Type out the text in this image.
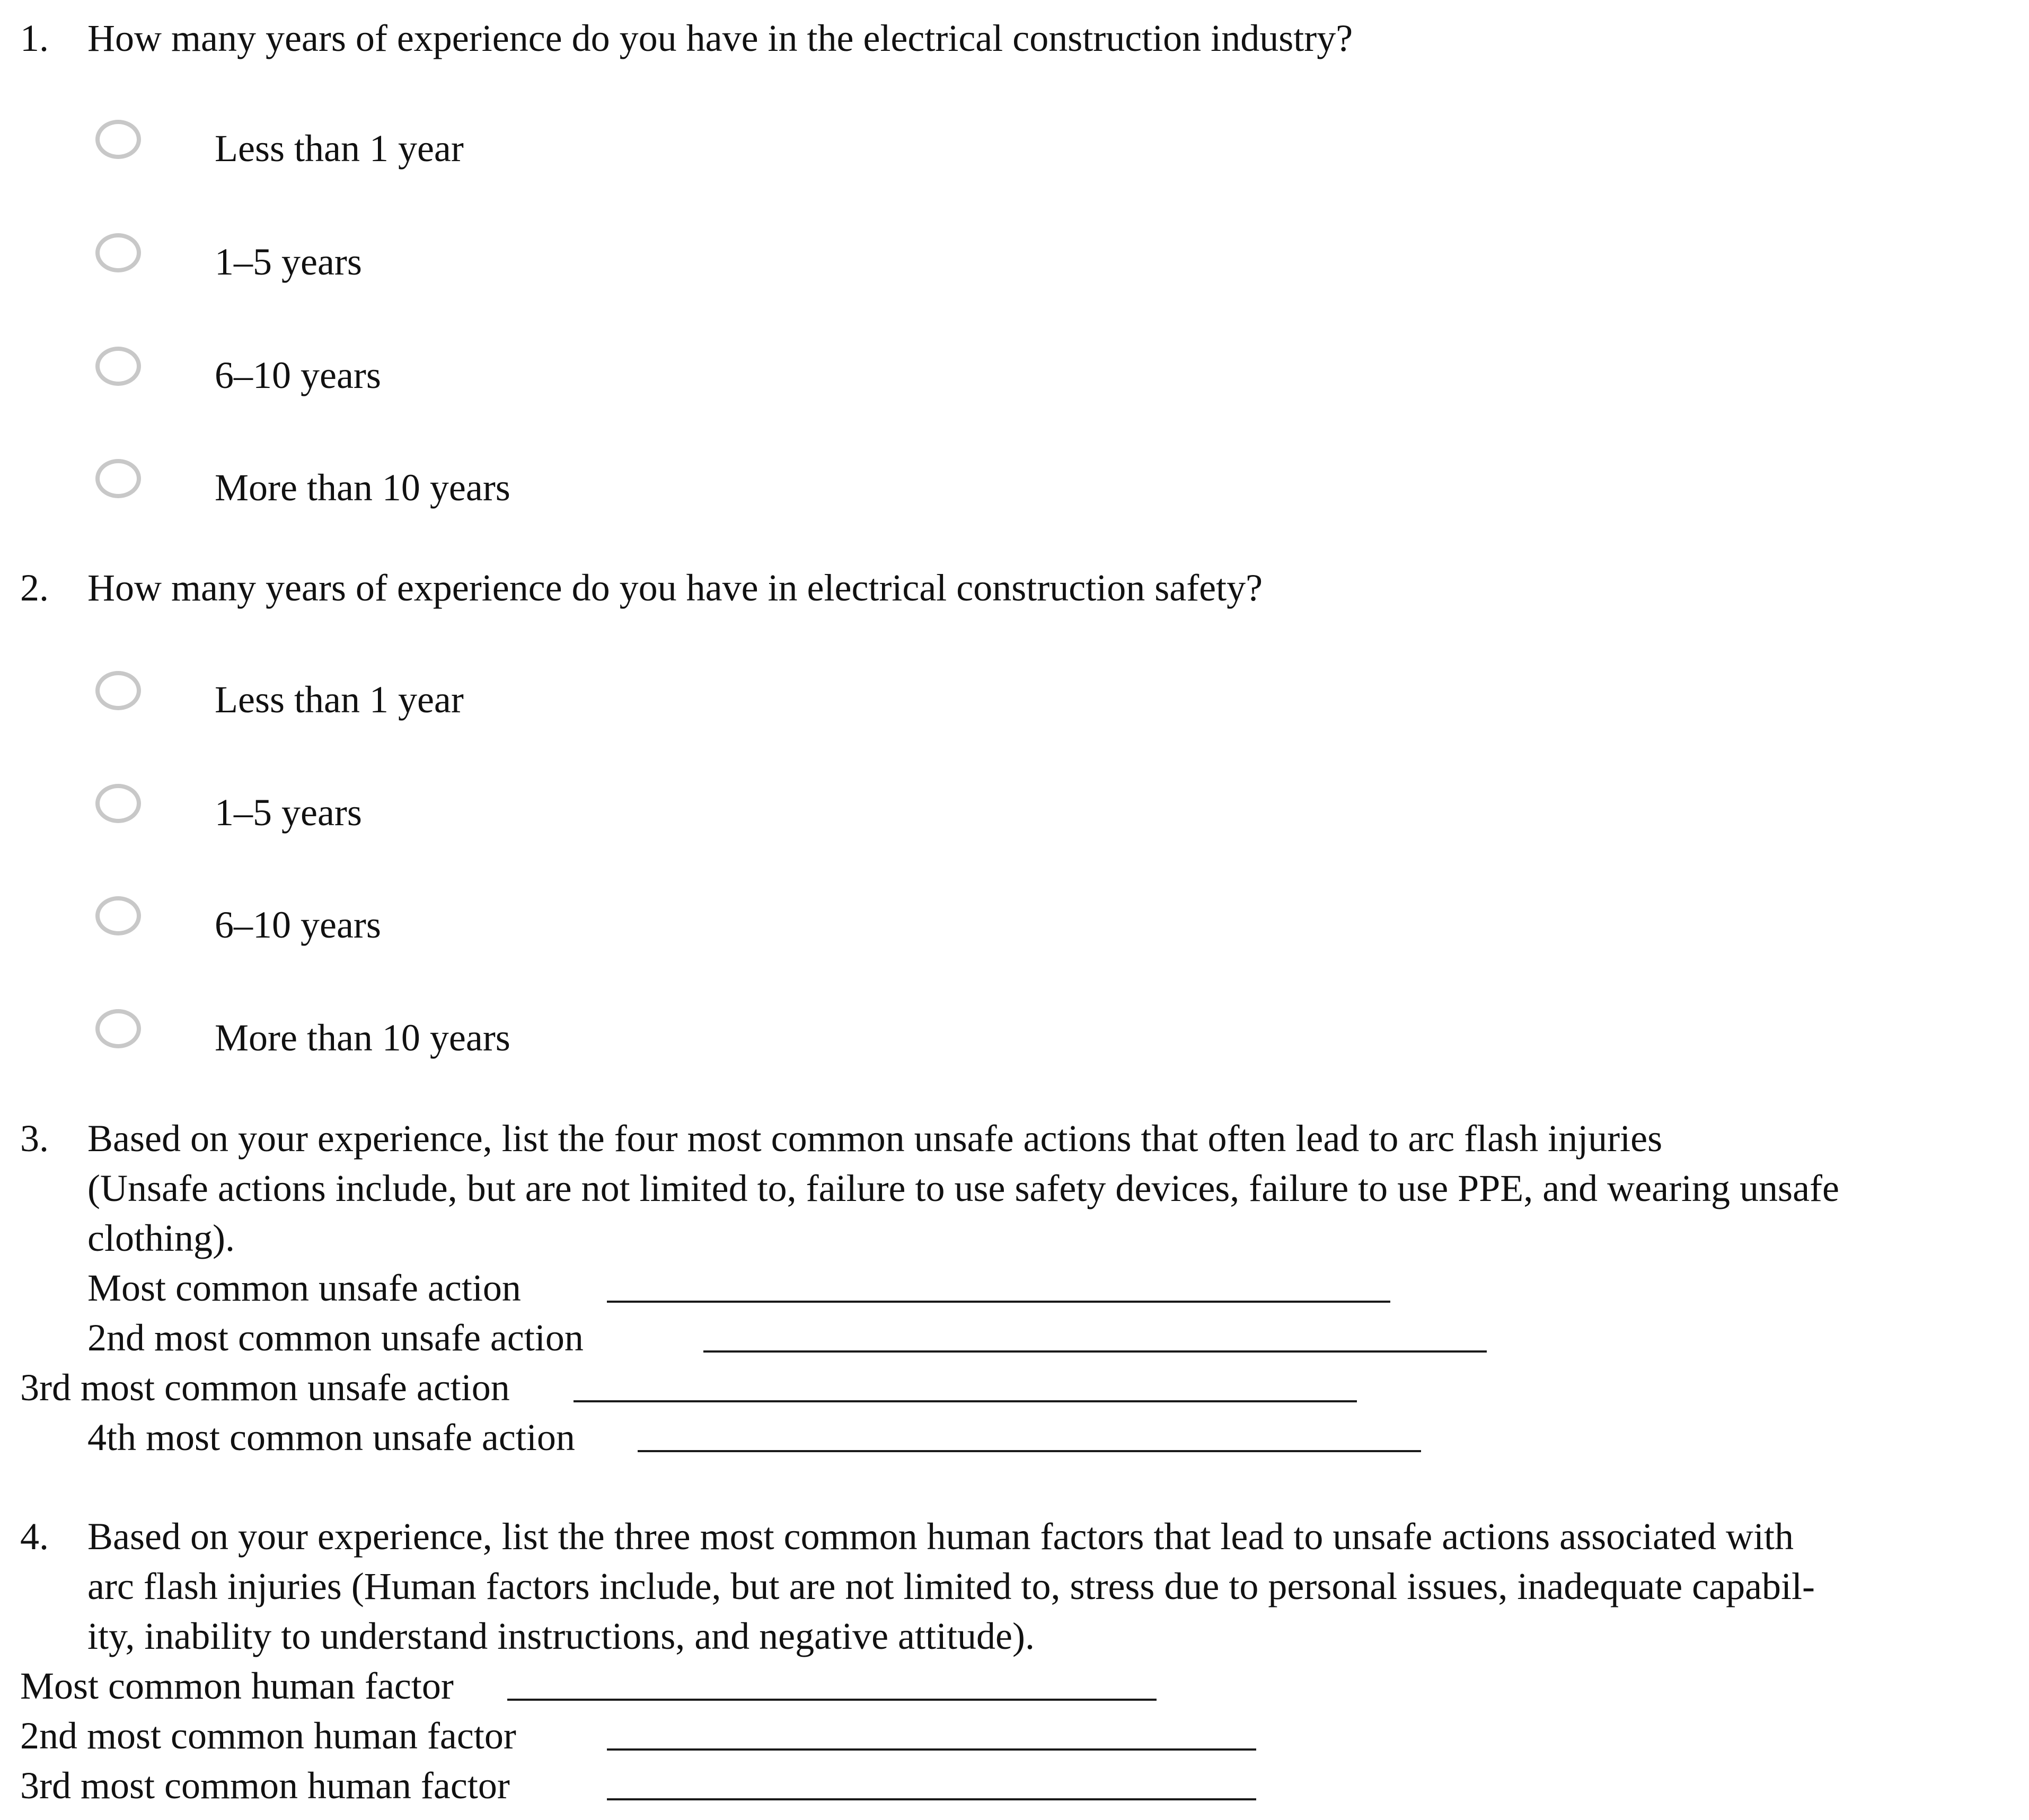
1. How many years of experience do you have in the electrical construction industry?
Less than 1 year
1–5 years
6–10 years
More than 10 years
2. How many years of experience do you have in electrical construction safety?
Less than 1 year
1–5 years
6–10 years
More than 10 years
3. Based on your experience, list the four most common unsafe actions that often lead to arc flash injuries
(Unsafe actions include, but are not limited to, failure to use safety devices, failure to use PPE, and wearing unsafe
clothing).
Most common unsafe action
2nd most common unsafe action
3rd most common unsafe action
4th most common unsafe action
4. Based on your experience, list the three most common human factors that lead to unsafe actions associated with
arc flash injuries (Human factors include, but are not limited to, stress due to personal issues, inadequate capabil-
ity, inability to understand instructions, and negative attitude).
Most common human factor
2nd most common human factor
3rd most common human factor
